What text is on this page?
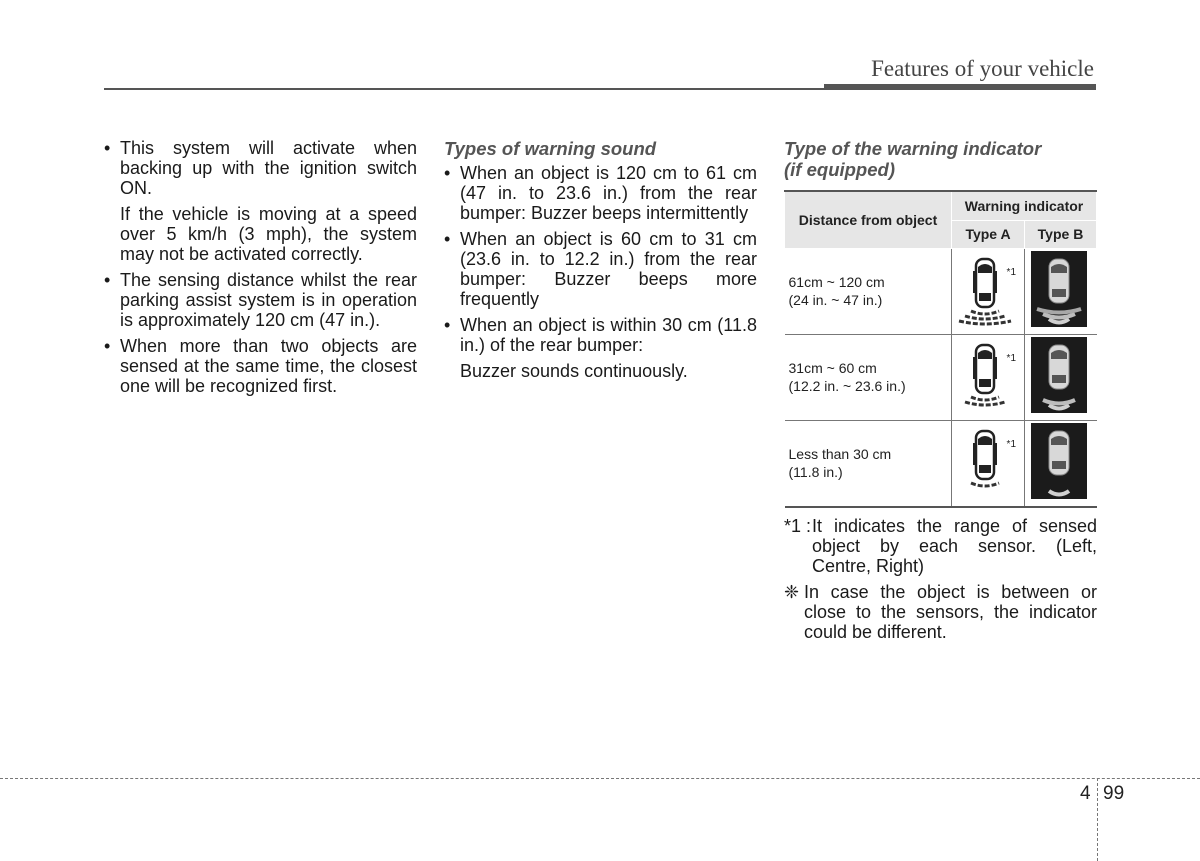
Features of your vehicle
• This system will activate when backing up with the ignition switch ON.
If the vehicle is moving at a speed over 5 km/h (3 mph), the system may not be activated correctly.
• The sensing distance whilst the rear parking assist system is in operation is approximately 120 cm (47 in.).
• When more than two objects are sensed at the same time, the closest one will be recognized first.
Types of warning sound
• When an object is 120 cm to 61 cm (47 in. to 23.6 in.) from the rear bumper: Buzzer beeps intermittently
• When an object is 60 cm to 31 cm (23.6 in. to 12.2 in.) from the rear bumper: Buzzer beeps more frequently
• When an object is within 30 cm (11.8 in.) of the rear bumper:
Buzzer sounds continuously.
Type of the warning indicator
(if equipped)
Distance from object	Warning indicator	
	Type A	Type B

61cm ~ 120 cm
(24 in. ~ 47 in.)	*1

31cm ~ 60 cm
(12.2 in. ~ 23.6 in.)	*1

Less than 30 cm
(11.8 in.)	*1

*1 : It indicates the range of sensed object by each sensor. (Left, Centre, Right)
❈ In case the object is between or close to the sensors, the indicator could be different.
4 99
